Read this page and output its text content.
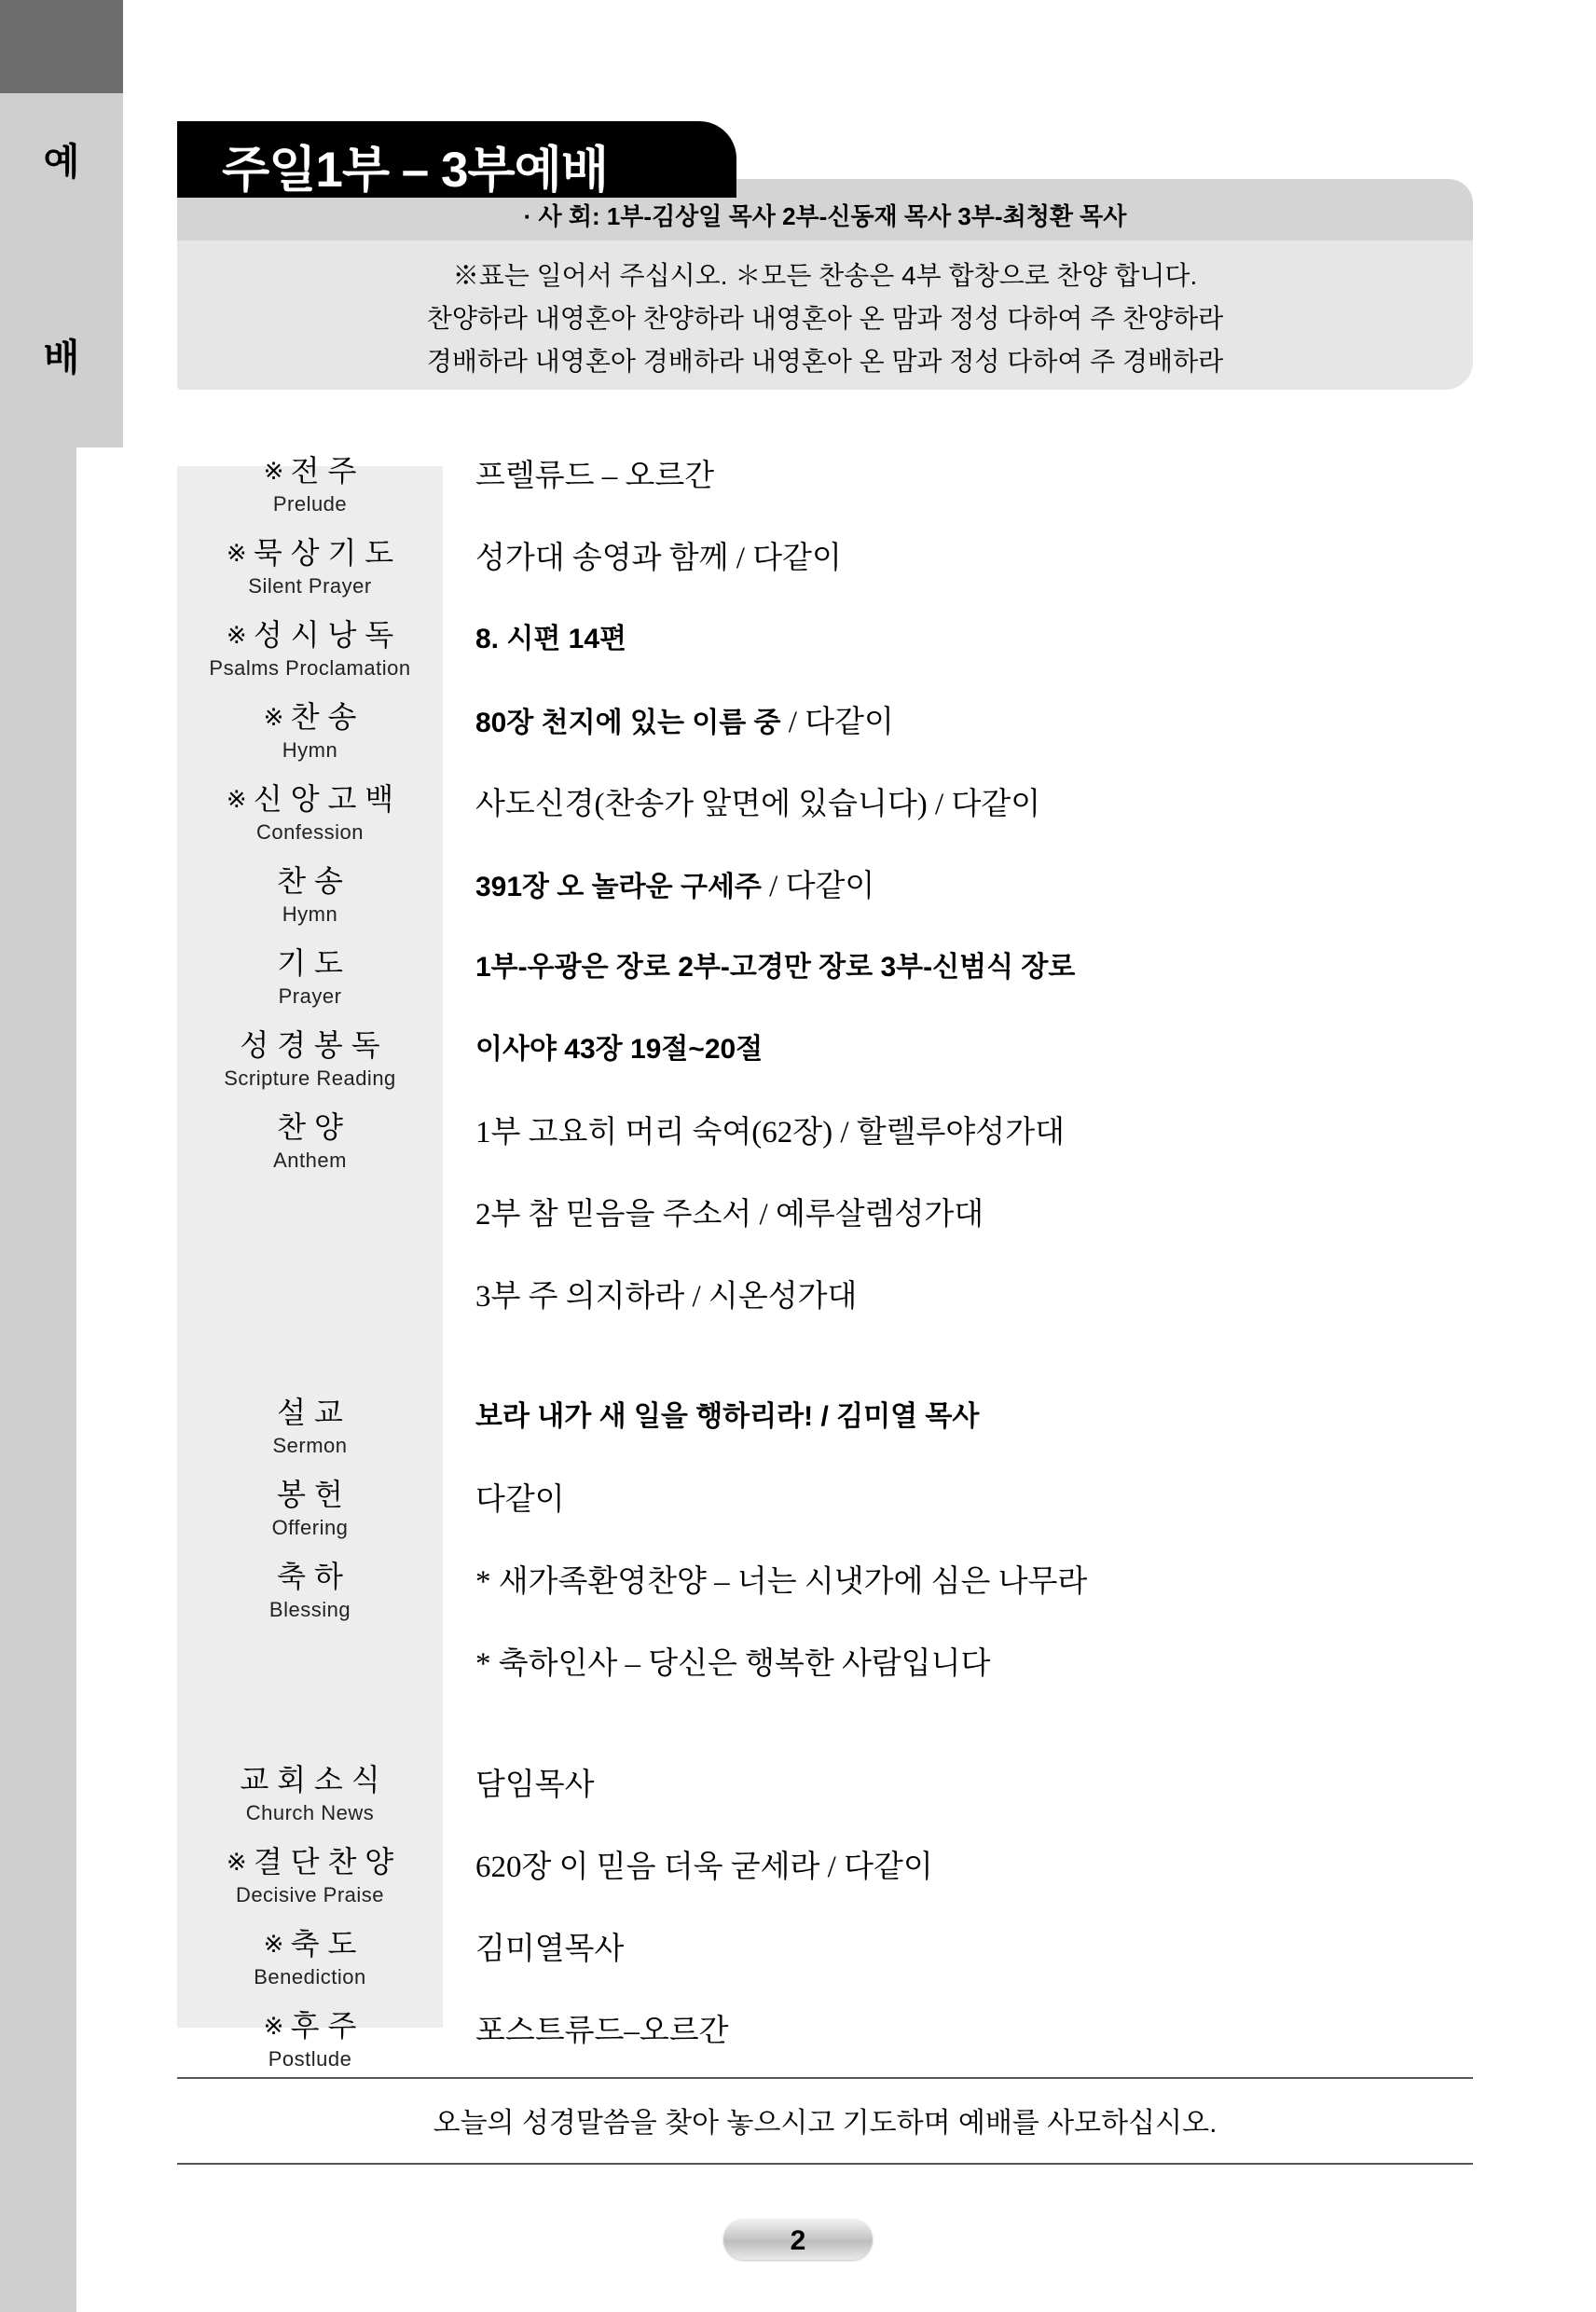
예
배
※표는 일어서 주십시오. ＊모든 찬송은 4부 합창으로 찬양 합니다.
찬양하라 내영혼아 찬양하라 내영혼아 온 맘과 정성 다하여 주 찬양하라
경배하라 내영혼아 경배하라 내영혼아 온 맘과 정성 다하여 주 경배하라
· 사 회: 1부-김상일 목사 2부-신동재 목사 3부-최청환 목사
주일1부 – 3부예배
※ 전 주
Prelude
프렐류드 – 오르간
※ 묵 상 기 도
Silent Prayer
성가대 송영과 함께 / 다같이
※ 성 시 낭 독
Psalms Proclamation
8. 시편 14편
※ 찬 송
Hymn
80장 천지에 있는 이름 중 / 다같이
※ 신 앙 고 백
Confession
사도신경(찬송가 앞면에 있습니다) / 다같이
찬 송
Hymn
391장 오 놀라운 구세주 / 다같이
기 도
Prayer
1부-우광은 장로 2부-고경만 장로 3부-신범식 장로
성 경 봉 독
Scripture Reading
이사야 43장 19절~20절
찬 양
Anthem
1부 고요히 머리 숙여(62장) / 할렐루야성가대
2부 참 믿음을 주소서 / 예루살렘성가대
3부 주 의지하라 / 시온성가대
설 교
Sermon
보라 내가 새 일을 행하리라! / 김미열 목사
봉 헌
Offering
다같이
축 하
Blessing
* 새가족환영찬양 – 너는 시냇가에 심은 나무라
* 축하인사 – 당신은 행복한 사람입니다
교 회 소 식
Church News
담임목사
※ 결 단 찬 양
Decisive Praise
620장 이 믿음 더욱 굳세라 / 다같이
※ 축 도
Benediction
김미열목사
※ 후 주
Postlude
포스트류드–오르간
오늘의 성경말씀을 찾아 놓으시고 기도하며 예배를 사모하십시오.
2
